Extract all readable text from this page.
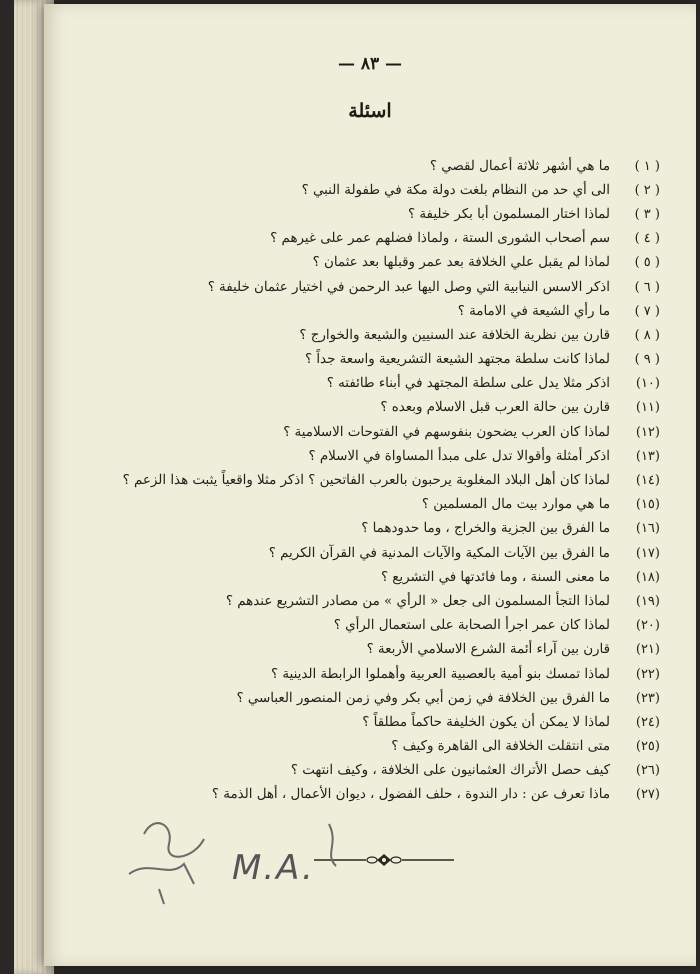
— ٨٣ —
اسئلة
( ١ )
ما هي أشهر ثلاثة أعمال لقصي ؟
( ٢ )
الى أي حد من النظام بلغت دولة مكة في طفولة النبي ؟
( ٣ )
لماذا اختار المسلمون أبا بكر خليفة ؟
( ٤ )
سم أصحاب الشورى الستة ، ولماذا فضلهم عمر على غيرهم ؟
( ٥ )
لماذا لم يقبل علي الخلافة بعد عمر وقبلها بعد عثمان ؟
( ٦ )
اذكر الاسس النيابية التي وصل اليها عبد الرحمن في اختيار عثمان خليفة ؟
( ٧ )
ما رأي الشيعة في الامامة ؟
( ٨ )
قارن بين نظرية الخلافة عند السنيين والشيعة والخوارج ؟
( ٩ )
لماذا كانت سلطة مجتهد الشيعة التشريعية واسعة جداً ؟
(١٠)
اذكر مثلا يدل على سلطة المجتهد في أبناء طائفته ؟
(١١)
قارن بين حالة العرب قبل الاسلام وبعده ؟
(١٢)
لماذا كان العرب يضحون بنفوسهم في الفتوحات الاسلامية ؟
(١٣)
اذكر أمثلة وأقوالا تدل على مبدأ المساواة في الاسلام ؟
(١٤)
لماذا كان أهل البلاد المغلوبة يرحبون بالعرب الفاتحين ؟ اذكر مثلا واقعياً يثبت هذا الزعم ؟
(١٥)
ما هي موارد بيت مال المسلمين ؟
(١٦)
ما الفرق بين الجزية والخراج ، وما حدودهما ؟
(١٧)
ما الفرق بين الآيات المكية والآيات المدنية في القرآن الكريم ؟
(١٨)
ما معنى السنة ، وما فائدتها في التشريع ؟
(١٩)
لماذا التجأ المسلمون الى جعل « الرأي » من مصادر التشريع عندهم ؟
(٢٠)
لماذا كان عمر اجرأ الصحابة على استعمال الرأي ؟
(٢١)
قارن بين آراء أئمة الشرع الاسلامي الأربعة ؟
(٢٢)
لماذا تمسك بنو أمية بالعصبية العربية وأهملوا الرابطة الدينية ؟
(٢٣)
ما الفرق بين الخلافة في زمن أبي بكر وفي زمن المنصور العباسي ؟
(٢٤)
لماذا لا يمكن أن يكون الخليفة حاكماً مطلقاً ؟
(٢٥)
متى انتقلت الخلافة الى القاهرة وكيف ؟
(٢٦)
كيف حصل الأتراك العثمانيون على الخلافة ، وكيف انتهت ؟
(٢٧)
ماذا تعرف عن : دار الندوة ، حلف الفضول ، ديوان الأعمال ، أهل الذمة ؟
M.A.
